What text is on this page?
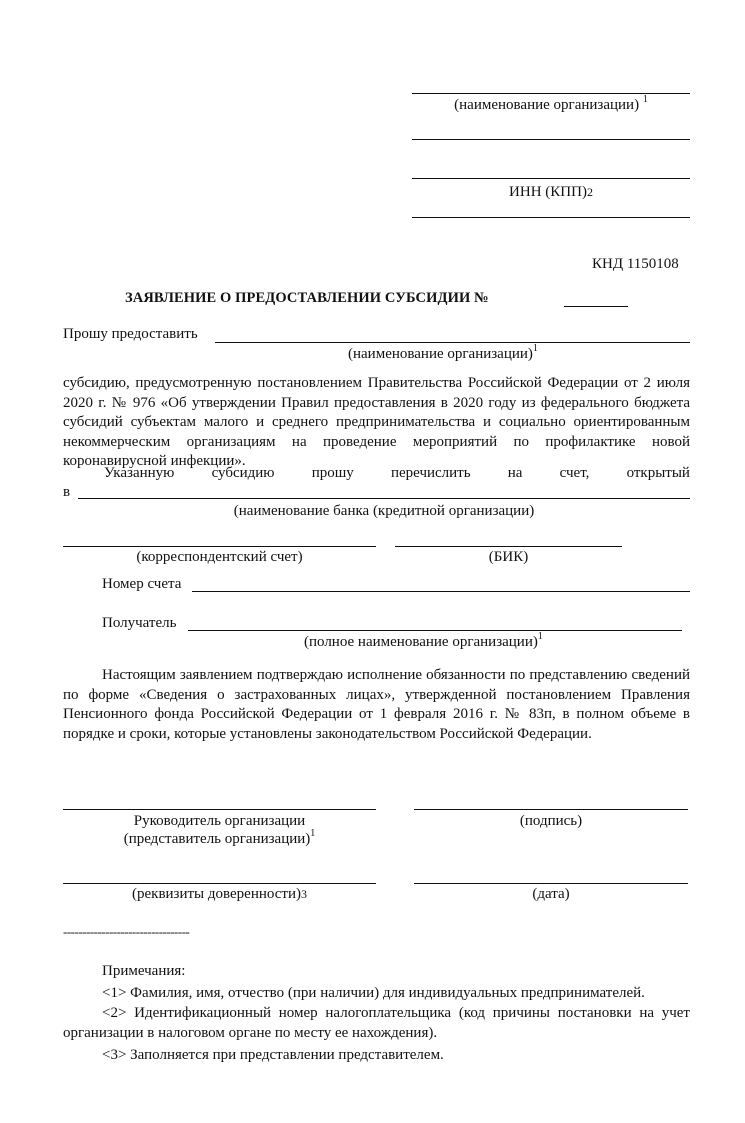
(наименование организации) $^1$
ИНН (КПП)2
КНД 1150108
ЗАЯВЛЕНИЕ О ПРЕДОСТАВЛЕНИИ СУБСИДИИ №
Прошу предоставить
(наименование организации)$^1$
субсидию, предусмотренную постановлением Правительства Российской Федерации от 2 июля 2020 г. № 976 «Об утверждении Правил предоставления в 2020 году из федерального бюджета субсидий субъектам малого и среднего предпринимательства и социально ориентированным некоммерческим организациям на проведение мероприятий по профилактике новой коронавирусной инфекции».
Указанную субсидию прошу перечислить на счет, открытый
в
(наименование банка (кредитной организации)
(корреспондентский счет)	(БИК)
Номер счета
Получатель
(полное наименование организации)$^1$
Настоящим заявлением подтверждаю исполнение обязанности по представлению сведений по форме «Сведения о застрахованных лицах», утвержденной постановлением Правления Пенсионного фонда Российской Федерации от 1 февраля 2016 г. № 83п, в полном объеме в порядке и сроки, которые установлены законодательством Российской Федерации.
Руководитель организации
(представитель организации)$^1$
(подпись)
(реквизиты доверенности)3	(дата)
---------------------------------
Примечания:
<1> Фамилия, имя, отчество (при наличии) для индивидуальных предпринимателей.
<2> Идентификационный номер налогоплательщика (код причины постановки на учет организации в налоговом органе по месту ее нахождения).
<3> Заполняется при представлении представителем.
